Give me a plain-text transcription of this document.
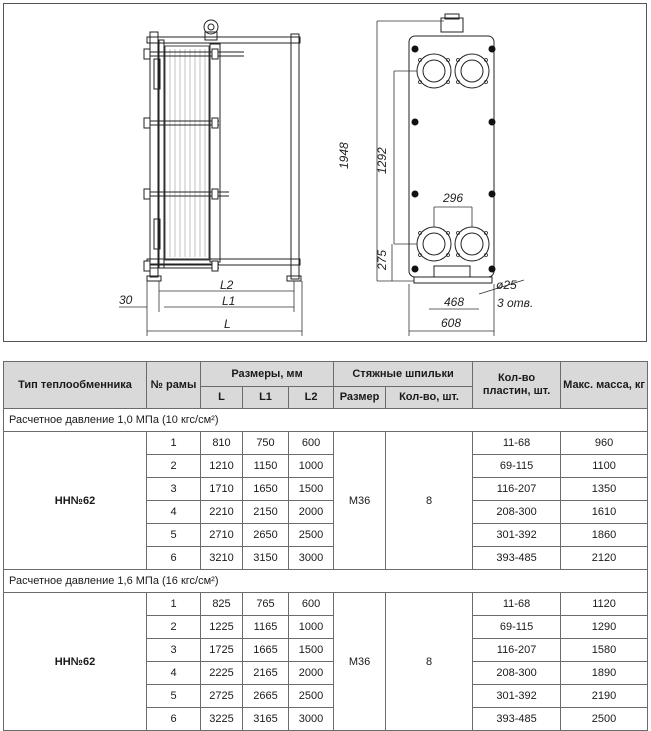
1948 1292
296
275
ø25
468	3 отв.
608
30
L2
L1
L
Тип теплообменника	№ рамы	Размеры, мм			Стяжные шпильки		Кол-во пластин, шт.	Макс. масса, кг
		L	L1	L2	Размер	Кол-во, шт.		
Расчетное давление 1,0 МПа (10 кгс/см²)								
НН№62	1	810	750	600	М36	8	11-68	960
	2	1210	1150	1000			69-115	1100
	3	1710	1650	1500			116-207	1350
	4	2210	2150	2000			208-300	1610
	5	2710	2650	2500			301-392	1860
	6	3210	3150	3000			393-485	2120
Расчетное давление 1,6 МПа (16 кгс/см²)								
НН№62	1	825	765	600	М36	8	11-68	1120
	2	1225	1165	1000			69-115	1290
	3	1725	1665	1500			116-207	1580
	4	2225	2165	2000			208-300	1890
	5	2725	2665	2500			301-392	2190
	6	3225	3165	3000			393-485	2500
